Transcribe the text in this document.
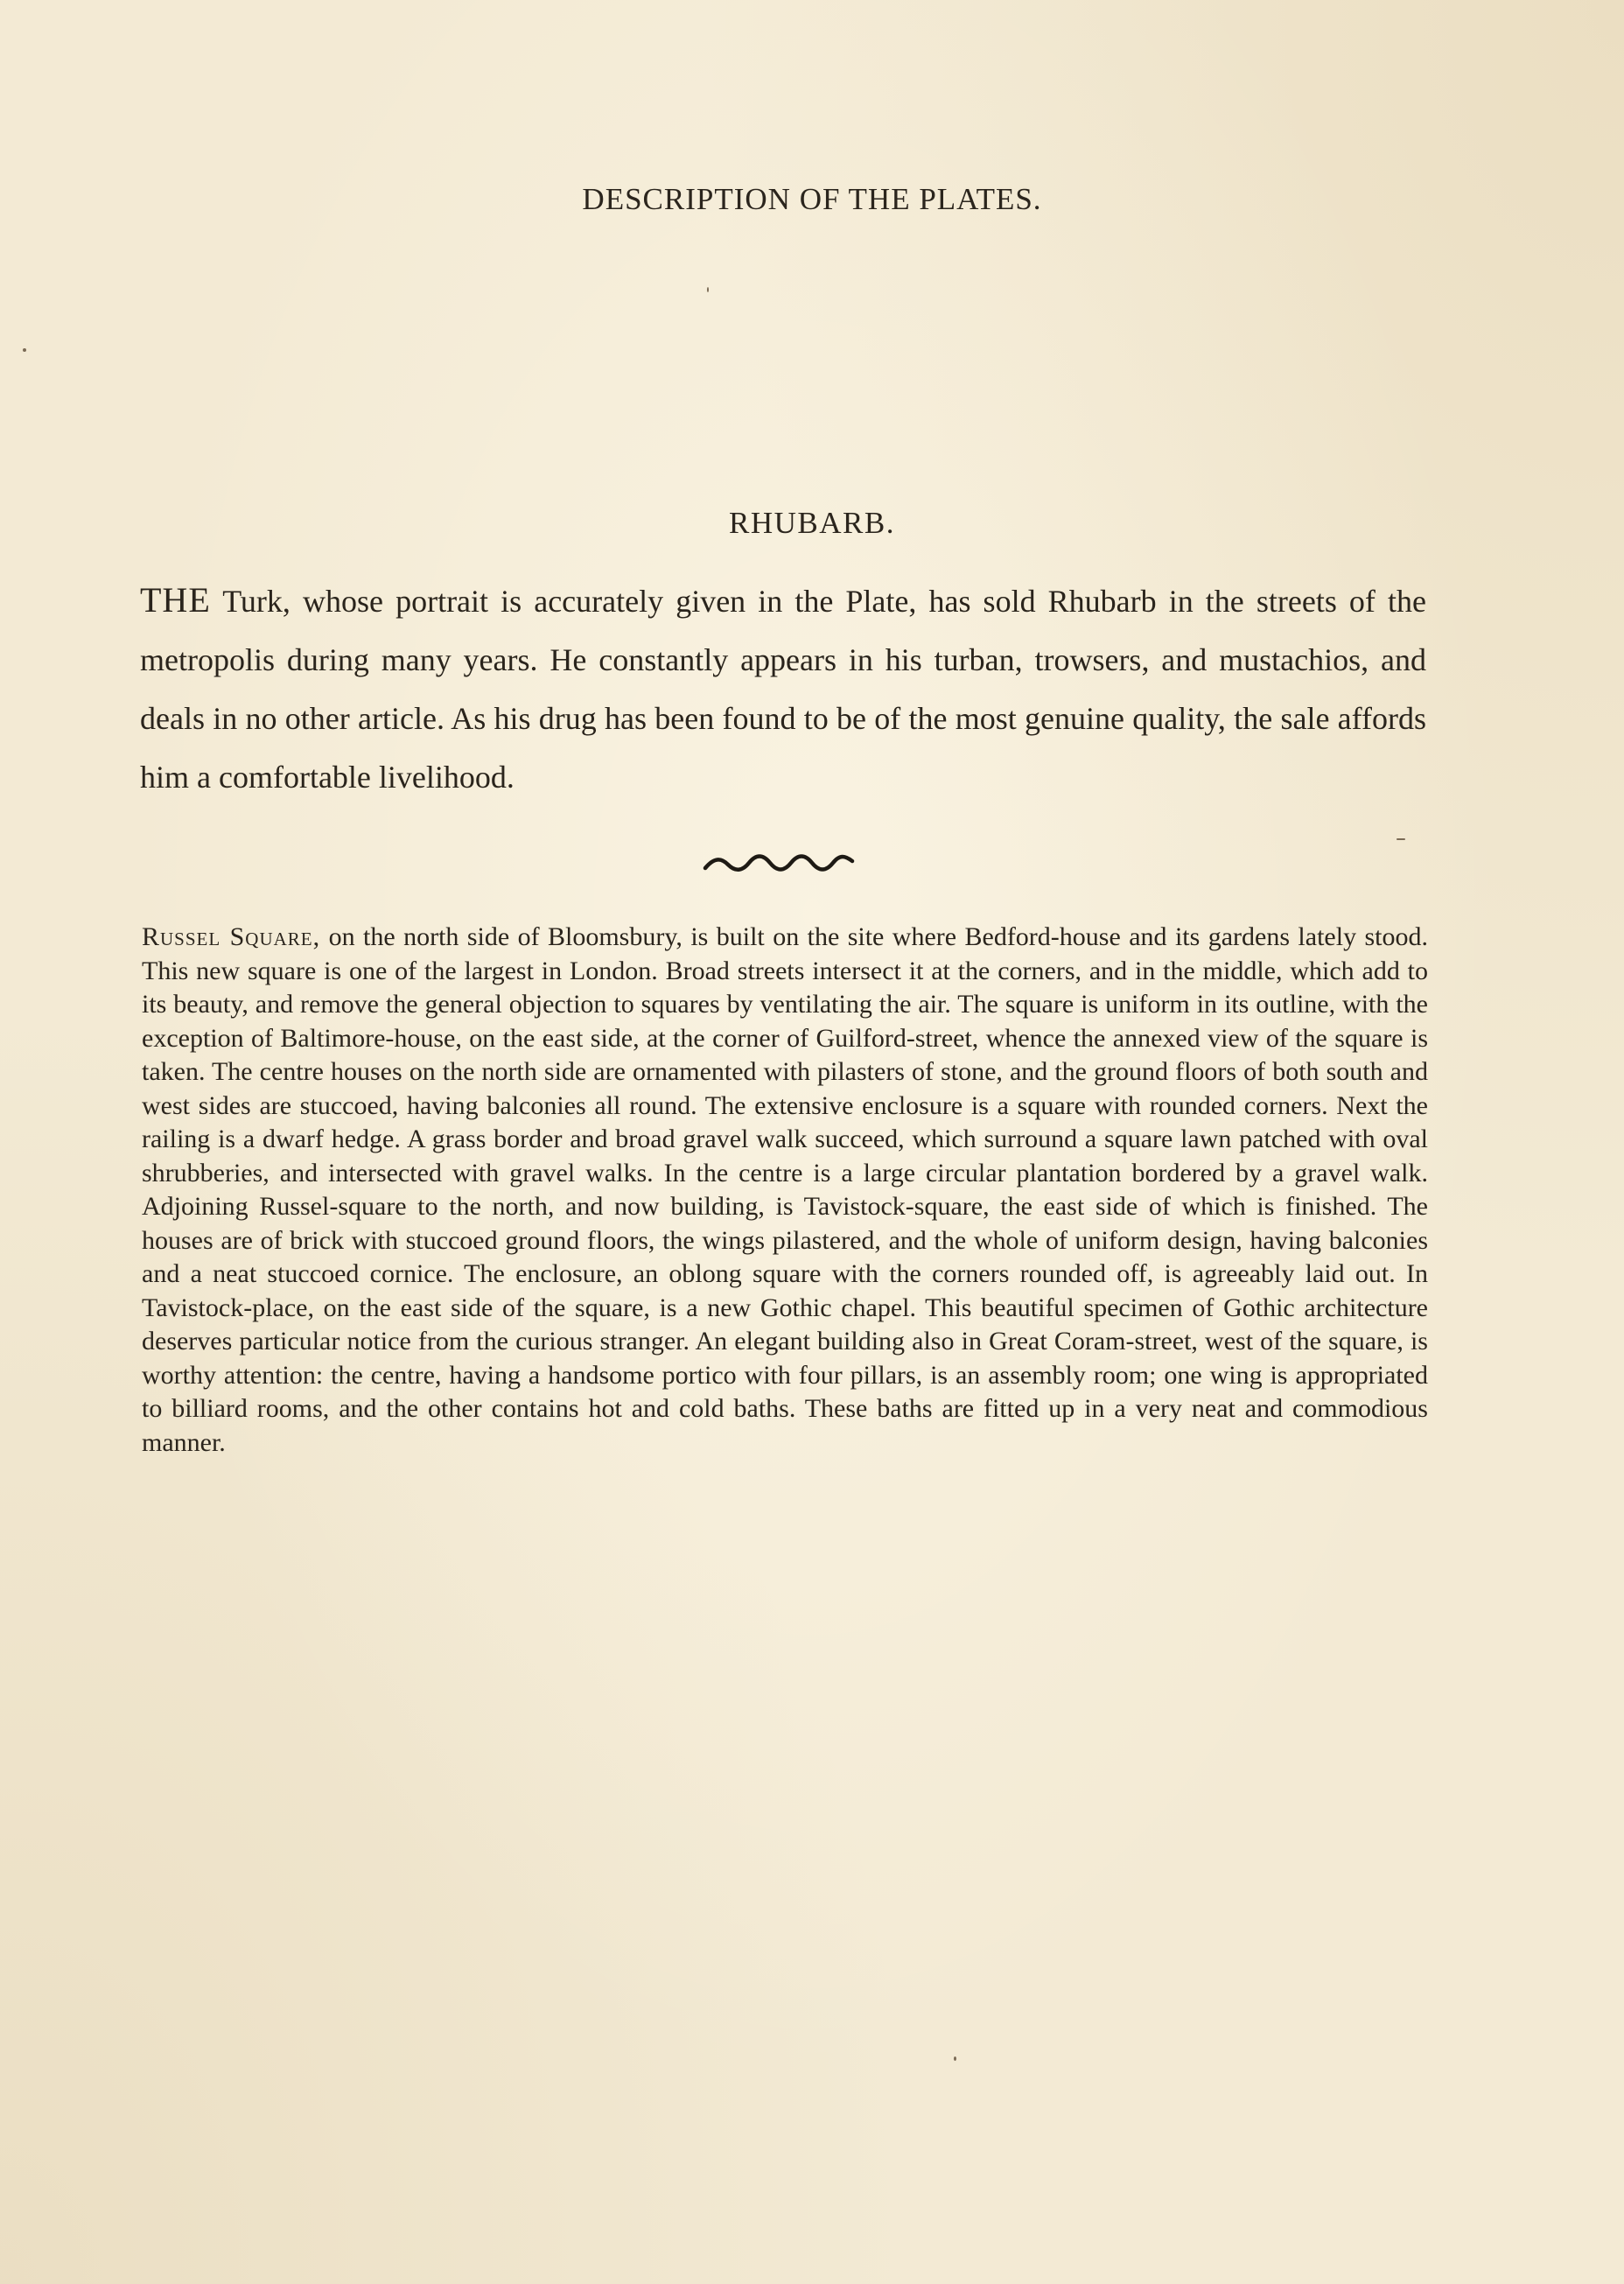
DESCRIPTION OF THE PLATES.
RHUBARB.
THE Turk, whose portrait is accurately given in the Plate, has sold Rhubarb in the streets of the metropolis during many years. He constantly appears in his turban, trowsers, and mustachios, and deals in no other article. As his drug has been found to be of the most genuine quality, the sale affords him a comfortable livelihood.
Russel Square, on the north side of Bloomsbury, is built on the site where Bedford-house and its gardens lately stood. This new square is one of the largest in London. Broad streets intersect it at the corners, and in the middle, which add to its beauty, and remove the general objection to squares by ventilating the air. The square is uniform in its outline, with the exception of Baltimore-house, on the east side, at the corner of Guilford-street, whence the annexed view of the square is taken. The centre houses on the north side are ornamented with pilasters of stone, and the ground floors of both south and west sides are stuccoed, having balconies all round. The extensive enclosure is a square with rounded corners. Next the railing is a dwarf hedge. A grass border and broad gravel walk succeed, which surround a square lawn patched with oval shrubberies, and intersected with gravel walks. In the centre is a large circular plantation bordered by a gravel walk. Adjoining Russel-square to the north, and now building, is Tavistock-square, the east side of which is finished. The houses are of brick with stuccoed ground floors, the wings pilastered, and the whole of uniform design, having balconies and a neat stuccoed cornice. The enclosure, an oblong square with the corners rounded off, is agreeably laid out. In Tavistock-place, on the east side of the square, is a new Gothic chapel. This beautiful specimen of Gothic architecture deserves particular notice from the curious stranger. An elegant building also in Great Coram-street, west of the square, is worthy attention: the centre, having a handsome portico with four pillars, is an assembly room; one wing is appropriated to billiard rooms, and the other contains hot and cold baths. These baths are fitted up in a very neat and commodious manner.
